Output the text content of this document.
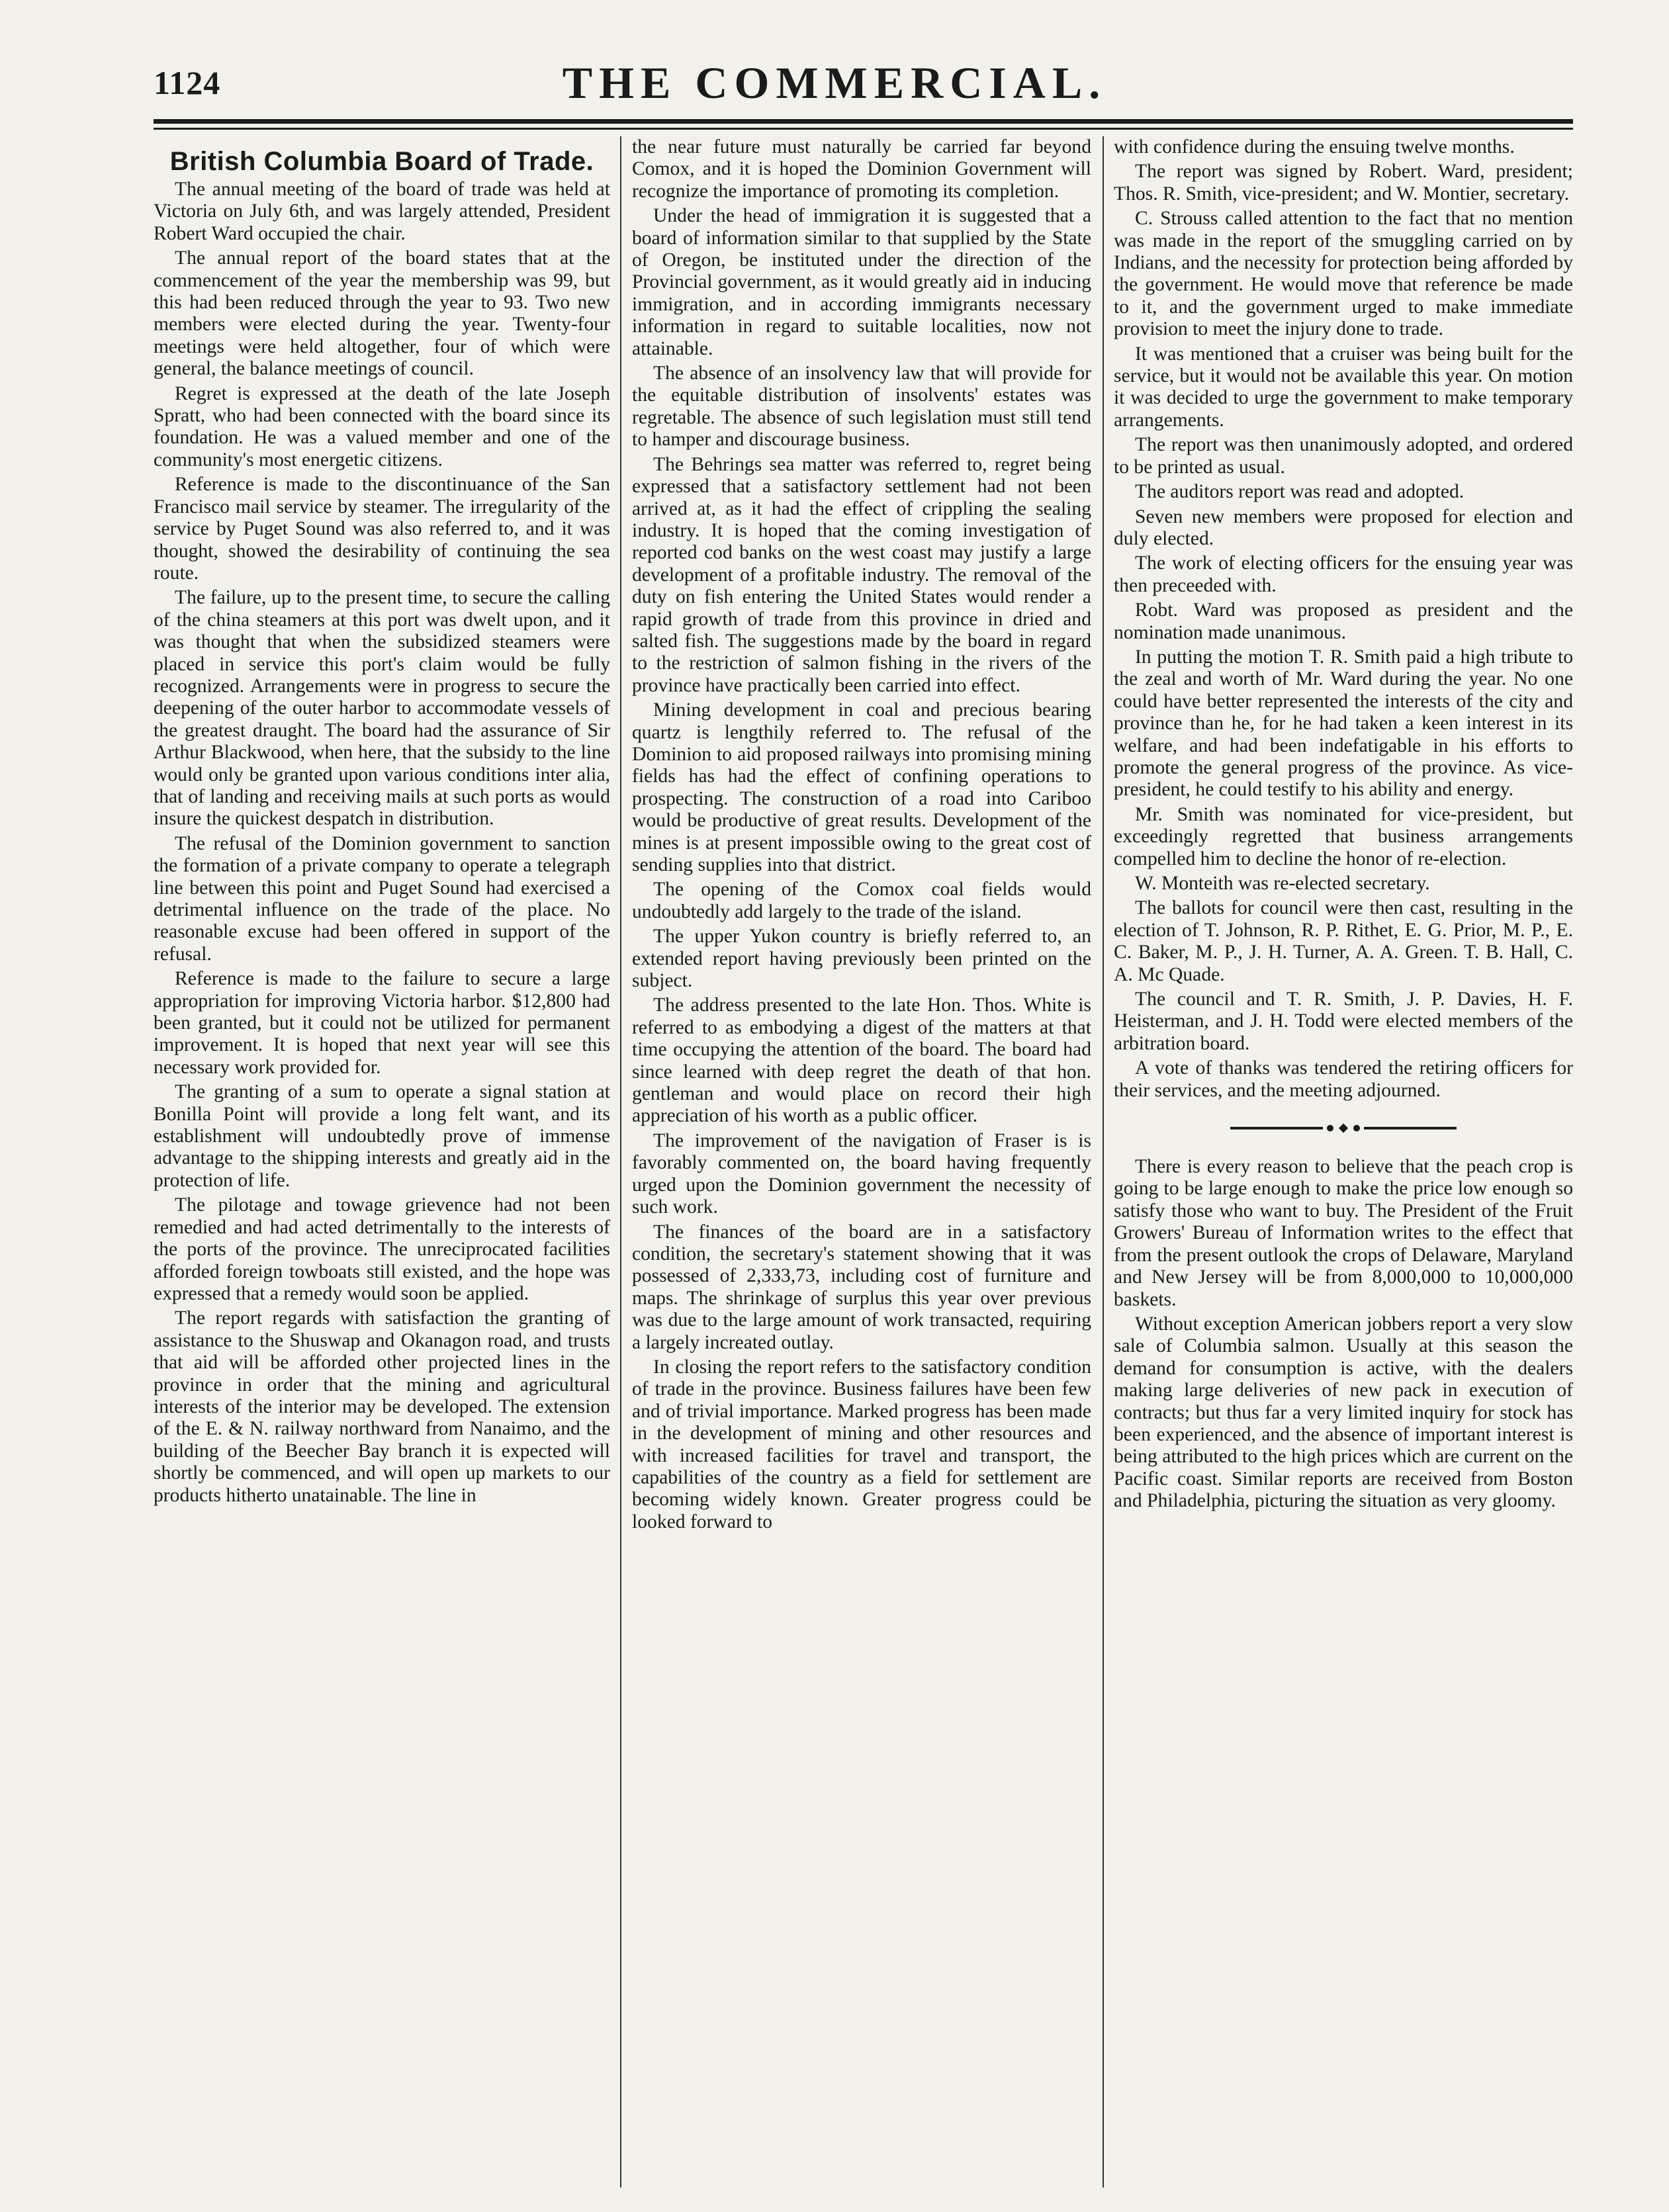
1124	THE COMMERCIAL.
British Columbia Board of Trade.

The annual meeting of the board of trade was held at Victoria on July 6th, and was largely attended, President Robert Ward occupied the chair.

The annual report of the board states that at the commencement of the year the membership was 99, but this had been reduced through the year to 93. Two new members were elected during the year. Twenty-four meetings were held altogether, four of which were general, the balance meetings of council.

Regret is expressed at the death of the late Joseph Spratt, who had been connected with the board since its foundation. He was a valued member and one of the community's most energetic citizens.

Reference is made to the discontinuance of the San Francisco mail service by steamer. The irregularity of the service by Puget Sound was also referred to, and it was thought, showed the desirability of continuing the sea route.

The failure, up to the present time, to secure the calling of the china steamers at this port was dwelt upon, and it was thought that when the subsidized steamers were placed in service this port's claim would be fully recognized. Arrangements were in progress to secure the deepening of the outer harbor to accommodate vessels of the greatest draught. The board had the assurance of Sir Arthur Blackwood, when here, that the subsidy to the line would only be granted upon various conditions inter alia, that of landing and receiving mails at such ports as would insure the quickest despatch in distribution.

The refusal of the Dominion government to sanction the formation of a private company to operate a telegraph line between this point and Puget Sound had exercised a detrimental influence on the trade of the place. No reasonable excuse had been offered in support of the refusal.

Reference is made to the failure to secure a large appropriation for improving Victoria harbor. $12,800 had been granted, but it could not be utilized for permanent improvement. It is hoped that next year will see this necessary work provided for.

The granting of a sum to operate a signal station at Bonilla Point will provide a long felt want, and its establishment will undoubtedly prove of immense advantage to the shipping interests and greatly aid in the protection of life.

The pilotage and towage grievence had not been remedied and had acted detrimentally to the interests of the ports of the province. The unreciprocated facilities afforded foreign towboats still existed, and the hope was expressed that a remedy would soon be applied.

The report regards with satisfaction the granting of assistance to the Shuswap and Okanagon road, and trusts that aid will be afforded other projected lines in the province in order that the mining and agricultural interests of the interior may be developed. The extension of the E. & N. railway northward from Nanaimo, and the building of the Beecher Bay branch it is expected will shortly be commenced, and will open up markets to our products hitherto unatainable. The line in

the near future must naturally be carried far beyond Comox, and it is hoped the Dominion Government will recognize the importance of promoting its completion.

Under the head of immigration it is suggested that a board of information similar to that supplied by the State of Oregon, be instituted under the direction of the Provincial government, as it would greatly aid in inducing immigration, and in according immigrants necessary information in regard to suitable localities, now not attainable.

The absence of an insolvency law that will provide for the equitable distribution of insolvents' estates was regretable. The absence of such legislation must still tend to hamper and discourage business.

The Behrings sea matter was referred to, regret being expressed that a satisfactory settlement had not been arrived at, as it had the effect of crippling the sealing industry. It is hoped that the coming investigation of reported cod banks on the west coast may justify a large development of a profitable industry. The removal of the duty on fish entering the United States would render a rapid growth of trade from this province in dried and salted fish. The suggestions made by the board in regard to the restriction of salmon fishing in the rivers of the province have practically been carried into effect.

Mining development in coal and precious bearing quartz is lengthily referred to. The refusal of the Dominion to aid proposed railways into promising mining fields has had the effect of confining operations to prospecting. The construction of a road into Cariboo would be productive of great results. Development of the mines is at present impossible owing to the great cost of sending supplies into that district.

The opening of the Comox coal fields would undoubtedly add largely to the trade of the island.

The upper Yukon country is briefly referred to, an extended report having previously been printed on the subject.

The address presented to the late Hon. Thos. White is referred to as embodying a digest of the matters at that time occupying the attention of the board. The board had since learned with deep regret the death of that hon. gentleman and would place on record their high appreciation of his worth as a public officer.

The improvement of the navigation of Fraser is is favorably commented on, the board having frequently urged upon the Dominion government the necessity of such work.

The finances of the board are in a satisfactory condition, the secretary's statement showing that it was possessed of 2,333,73, including cost of furniture and maps. The shrinkage of surplus this year over previous was due to the large amount of work transacted, requiring a largely increated outlay.

In closing the report refers to the satisfactory condition of trade in the province. Business failures have been few and of trivial importance. Marked progress has been made in the development of mining and other resources and with increased facilities for travel and transport, the capabilities of the country as a field for settlement are becoming widely known. Greater progress could be looked forward to

with confidence during the ensuing twelve months.

The report was signed by Robert. Ward, president; Thos. R. Smith, vice-president; and W. Montier, secretary.

C. Strouss called attention to the fact that no mention was made in the report of the smuggling carried on by Indians, and the necessity for protection being afforded by the government. He would move that reference be made to it, and the government urged to make immediate provision to meet the injury done to trade.

It was mentioned that a cruiser was being built for the service, but it would not be available this year. On motion it was decided to urge the government to make temporary arrangements.

The report was then unanimously adopted, and ordered to be printed as usual.

The auditors report was read and adopted.

Seven new members were proposed for election and duly elected.

The work of electing officers for the ensuing year was then preceeded with.

Robt. Ward was proposed as president and the nomination made unanimous.

In putting the motion T. R. Smith paid a high tribute to the zeal and worth of Mr. Ward during the year. No one could have better represented the interests of the city and province than he, for he had taken a keen interest in its welfare, and had been indefatigable in his efforts to promote the general progress of the province. As vice-president, he could testify to his ability and energy.

Mr. Smith was nominated for vice-president, but exceedingly regretted that business arrangements compelled him to decline the honor of re-election.

W. Monteith was re-elected secretary.

The ballots for council were then cast, resulting in the election of T. Johnson, R. P. Rithet, E. G. Prior, M. P., E. C. Baker, M. P., J. H. Turner, A. A. Green. T. B. Hall, C. A. Mc Quade.

The council and T. R. Smith, J. P. Davies, H. F. Heisterman, and J. H. Todd were elected members of the arbitration board.

A vote of thanks was tendered the retiring officers for their services, and the meeting adjourned.

There is every reason to believe that the peach crop is going to be large enough to make the price low enough so satisfy those who want to buy. The President of the Fruit Growers' Bureau of Information writes to the effect that from the present outlook the crops of Delaware, Maryland and New Jersey will be from 8,000,000 to 10,000,000 baskets.

Without exception American jobbers report a very slow sale of Columbia salmon. Usually at this season the demand for consumption is active, with the dealers making large deliveries of new pack in execution of contracts; but thus far a very limited inquiry for stock has been experienced, and the absence of important interest is being attributed to the high prices which are current on the Pacific coast. Similar reports are received from Boston and Philadelphia, picturing the situation as very gloomy.
